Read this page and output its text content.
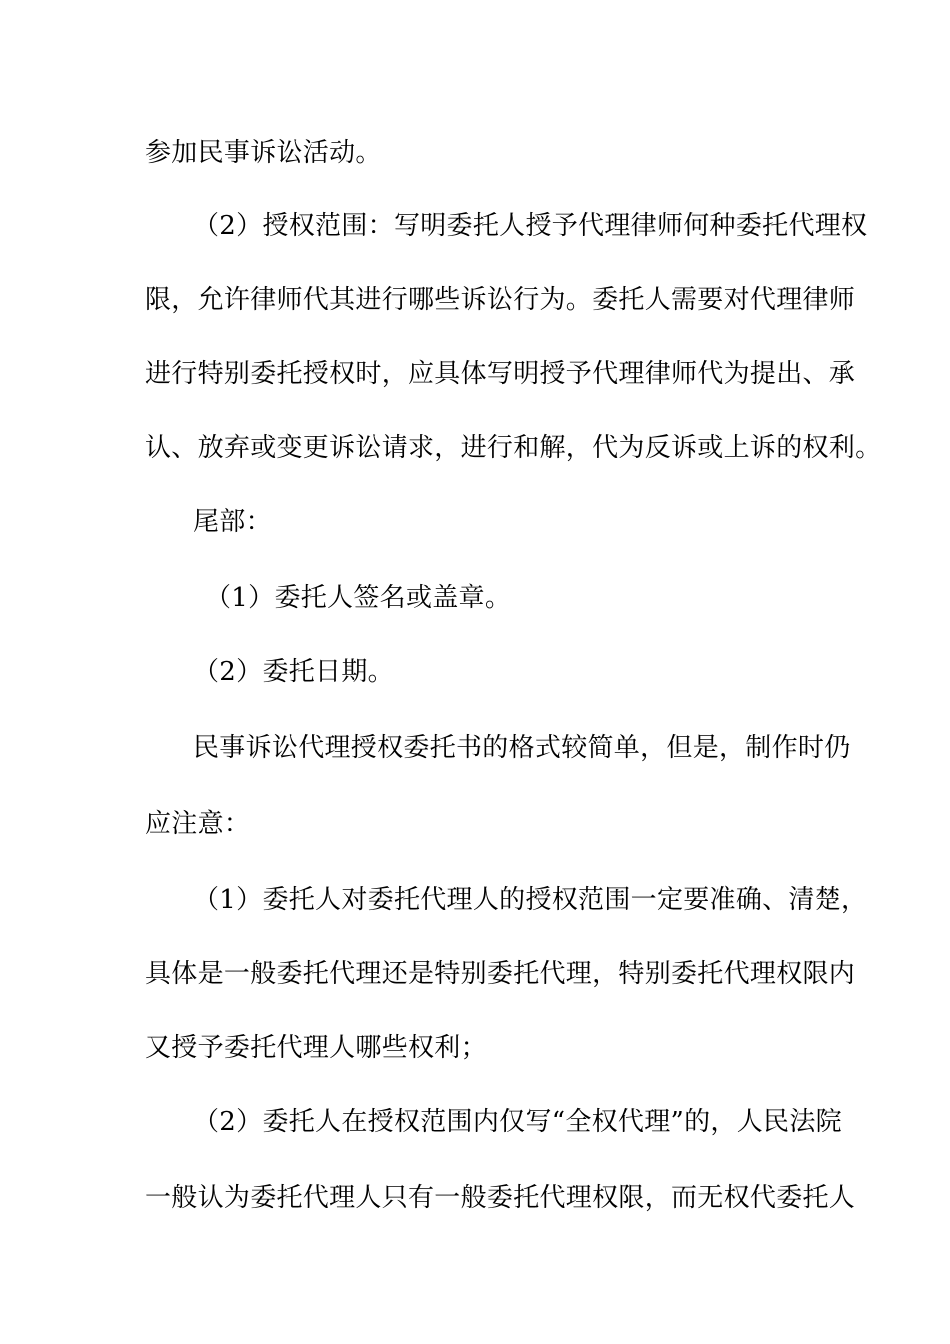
参加民事诉讼活动。
（2）授权范围：写明委托人授予代理律师何种委托代理权
限，允许律师代其进行哪些诉讼行为。委托人需要对代理律师
进行特别委托授权时，应具体写明授予代理律师代为提出、承
认、放弃或变更诉讼请求，进行和解，代为反诉或上诉的权利。
尾部：
（1）委托人签名或盖章。
（2）委托日期。
民事诉讼代理授权委托书的格式较简单，但是，制作时仍
应注意：
（1）委托人对委托代理人的授权范围一定要准确、清楚，
具体是一般委托代理还是特别委托代理，特别委托代理权限内
又授予委托代理人哪些权利；
（2）委托人在授权范围内仅写“全权代理”的，人民法院
一般认为委托代理人只有一般委托代理权限，而无权代委托人
